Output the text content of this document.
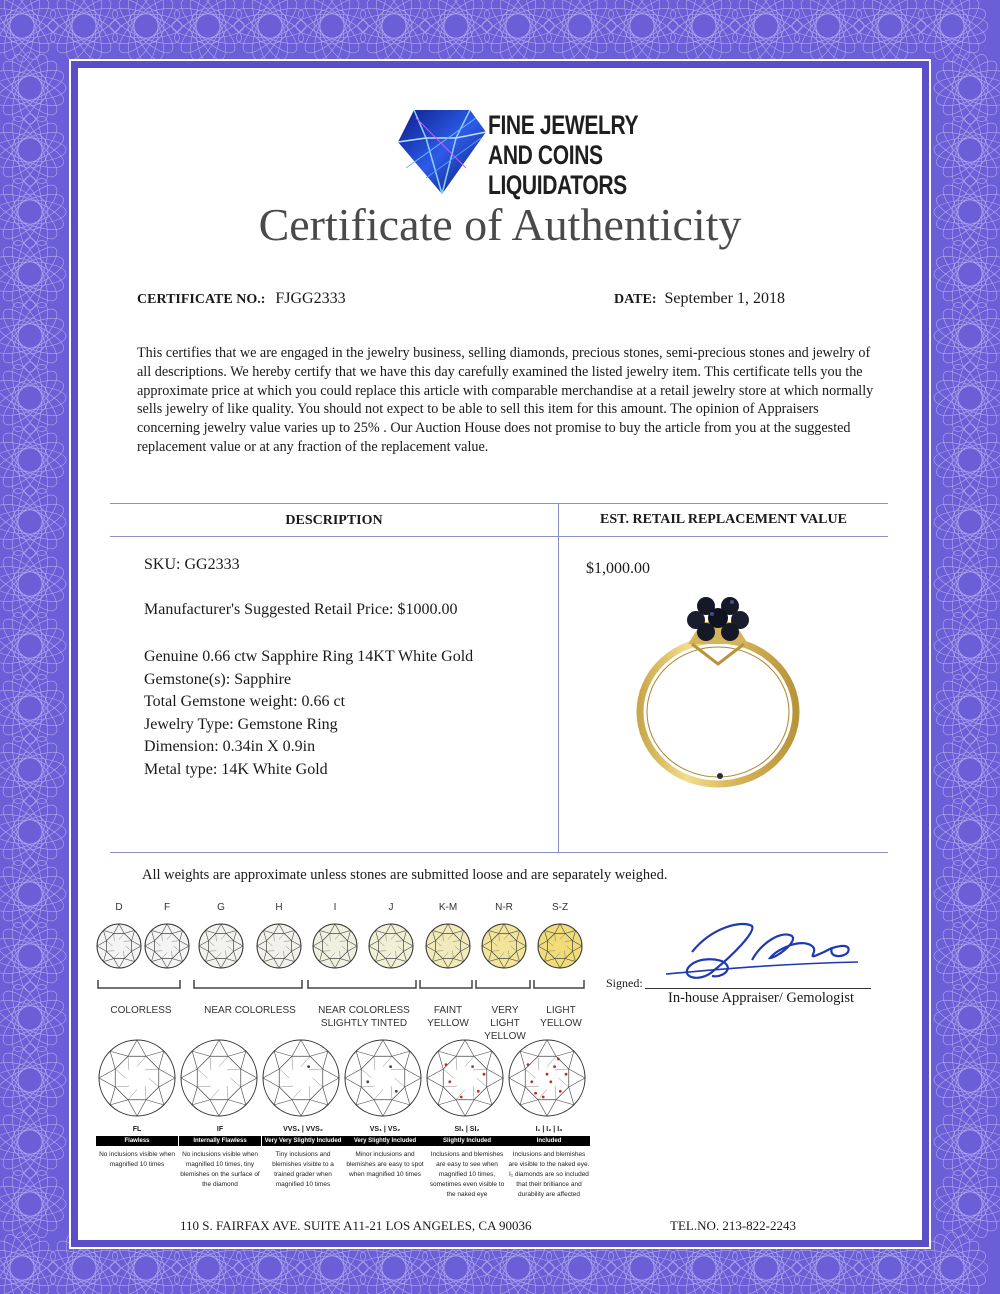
FINE JEWELRY
AND COINS
LIQUIDATORS
Certificate of Authenticity
CERTIFICATE NO.: FJGG2333	DATE: September 1, 2018
This certifies that we are engaged in the jewelry business, selling diamonds, precious stones, semi-precious stones and jewelry of all descriptions. We hereby certify that we have this day carefully examined the listed jewelry item. This certificate tells you the approximate price at which you could replace this article with comparable merchandise at a retail jewelry store at which normally sells jewelry of like quality. You should not expect to be able to sell this item for this amount. The opinion of Appraisers concerning jewelry value varies up to 25% . Our Auction House does not promise to buy the article from you at the suggested replacement value or at any fraction of the replacement value.
DESCRIPTION	EST. RETAIL REPLACEMENT VALUE
SKU: GG2333
Manufacturer's Suggested Retail Price: $1000.00
Genuine 0.66 ctw Sapphire Ring 14KT White Gold
Gemstone(s): Sapphire
Total Gemstone weight: 0.66 ct
Jewelry Type: Gemstone Ring
Dimension: 0.34in X 0.9in
Metal type: 14K White Gold
$1,000.00
All weights are approximate unless stones are submitted loose and are separately weighed.
D	F	G	H	I	J	K-M	N-R	S-Z
COLORLESS	NEAR COLORLESS	NEAR COLORLESS
SLIGHTLY TINTED
FAINT
YELLOW
VERY LIGHT
YELLOW
LIGHT
YELLOW
FL
Flawless
No inclusions visible when magnified 10 times
IF
Internally Flawless
No inclusions visible when magnified 10 times, tiny blemishes on the surface of the diamond
VVS₁ | VVS₂
Very Very Slightly Included
Tiny inclusions and blemishes visible to a trained grader when magnified 10 times
VS₁ | VS₂
Very Slightly Included
Minor inclusions and blemishes are easy to spot when magnified 10 times
SI₁ | SI₂
Slightly Included
Inclusions and blemishes are easy to see when magnified 10 times, sometimes even visible to the naked eye
I₁ | I₂ | I₃
Included
Inclusions and blemishes are visible to the naked eye. I₁ diamonds are so included that their brilliance and durability are affected
Signed:
In-house Appraiser/ Gemologist
110 S. FAIRFAX AVE. SUITE A11-21 LOS ANGELES, CA 90036	TEL.NO. 213-822-2243
